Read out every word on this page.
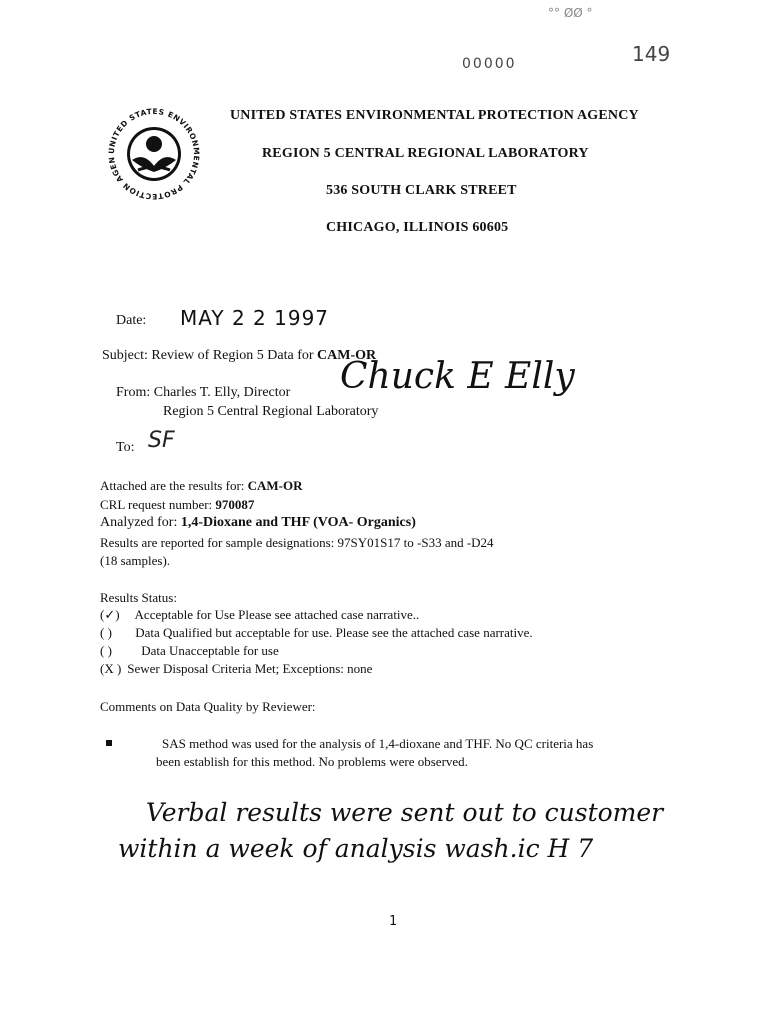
°° ØØ °
149
00000
UNITED STATES ENVIRONMENTAL PROTECTION AGEN
UNITED STATES ENVIRONMENTAL PROTECTION AGENCY
REGION 5 CENTRAL REGIONAL LABORATORY
536 SOUTH CLARK STREET
CHICAGO, ILLINOIS 60605
Date: MAY 2 2 1997
Subject: Review of Region 5 Data for CAM-OR
From: Charles T. Elly, Director
Region 5 Central Regional Laboratory
Chuck E Elly
To: SF
Attached are the results for: CAM-OR
CRL request number: 970087
Analyzed for: 1,4-Dioxane and THF (VOA- Organics)
Results are reported for sample designations: 97SY01S17 to -S33 and -D24
(18 samples).
Results Status:
(✓) Acceptable for Use Please see attached case narrative..
( ) Data Qualified but acceptable for use. Please see the attached case narrative.
( ) Data Unacceptable for use
(X ) Sewer Disposal Criteria Met; Exceptions: none
Comments on Data Quality by Reviewer:
SAS method was used for the analysis of 1,4-dioxane and THF. No QC criteria has
been establish for this method. No problems were observed.
Verbal results were sent out to customer
within a week of analysis wash.ic H 7
1
